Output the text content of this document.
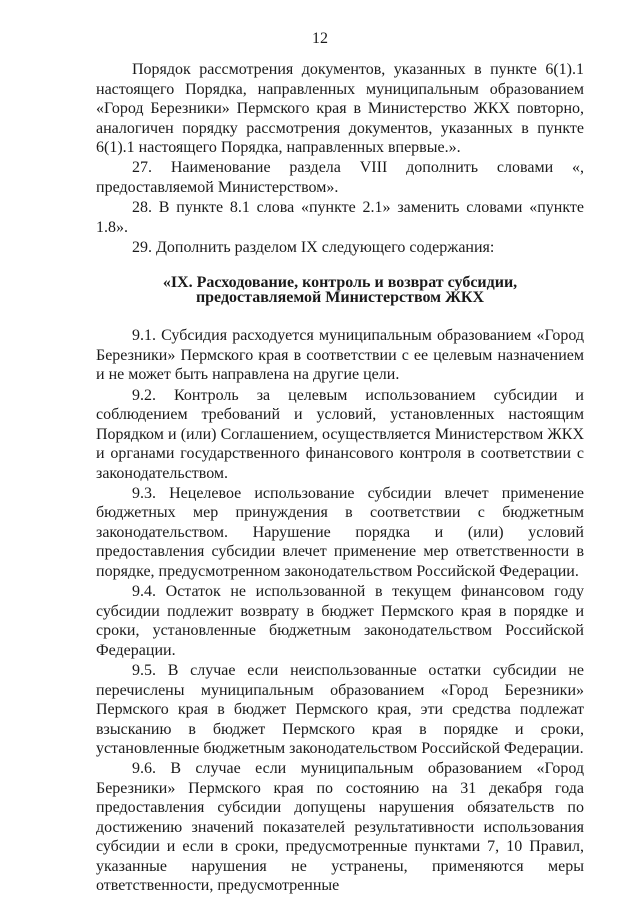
12

Порядок рассмотрения документов, указанных в пункте 6(1).1 настоящего Порядка, направленных муниципальным образованием «Город Березники» Пермского края в Министерство ЖКХ повторно, аналогичен порядку рассмотрения документов, указанных в пункте 6(1).1 настоящего Порядка, направленных впервые.».

27. Наименование раздела VIII дополнить словами «, предоставляемой Министерством».

28. В пункте 8.1 слова «пункте 2.1» заменить словами «пункте 1.8».

29. Дополнить разделом IX следующего содержания:

«IX. Расходование, контроль и возврат субсидии,
предоставляемой Министерством ЖКХ

9.1. Субсидия расходуется муниципальным образованием «Город Березники» Пермского края в соответствии с ее целевым назначением и не может быть направлена на другие цели.

9.2. Контроль за целевым использованием субсидии и соблюдением требований и условий, установленных настоящим Порядком и (или) Соглашением, осуществляется Министерством ЖКХ и органами государственного финансового контроля в соответствии с законодательством.

9.3. Нецелевое использование субсидии влечет применение бюджетных мер принуждения в соответствии с бюджетным законодательством. Нарушение порядка и (или) условий предоставления субсидии влечет применение мер ответственности в порядке, предусмотренном законодательством Российской Федерации.

9.4. Остаток не использованной в текущем финансовом году субсидии подлежит возврату в бюджет Пермского края в порядке и сроки, установленные бюджетным законодательством Российской Федерации.

9.5. В случае если неиспользованные остатки субсидии не перечислены муниципальным образованием «Город Березники» Пермского края в бюджет Пермского края, эти средства подлежат взысканию в бюджет Пермского края в порядке и сроки, установленные бюджетным законодательством Российской Федерации.

9.6. В случае если муниципальным образованием «Город Березники» Пермского края по состоянию на 31 декабря года предоставления субсидии допущены нарушения обязательств по достижению значений показателей результативности использования субсидии и если в сроки, предусмотренные пунктами 7, 10 Правил, указанные нарушения не устранены, применяются меры ответственности, предусмотренные
